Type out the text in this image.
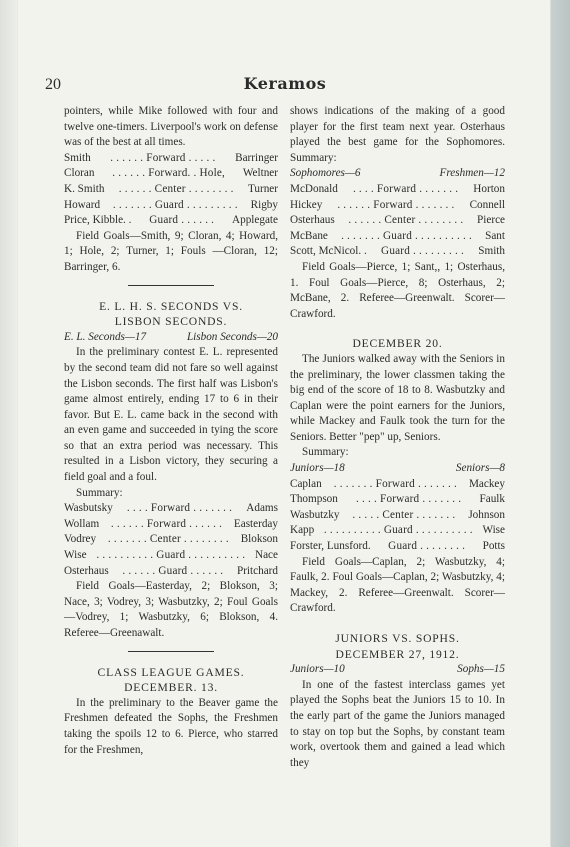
20	Keramos

pointers, while Mike followed with four and twelve one-timers. Liverpool's work on defense was of the best at all times.

Smith	. . . . . . Forward . . . . .	Barringer
Cloran	. . . . . . Forward. . Hole,	Weltner
K. Smith	. . . . . . Center . . . . . . . .	Turner
Howard	. . . . . . . Guard . . . . . . . . .	Rigby
Price, Kibble. .	Guard . . . . . .	Applegate

Field Goals—Smith, 9; Cloran, 4; Howard, 1; Hole, 2; Turner, 1; Fouls —Cloran, 12; Barringer, 6.

E. L. H. S. SECONDS VS.
LISBON SECONDS.
E. L. Seconds—17	Lisbon Seconds—20

In the preliminary contest E. L. represented by the second team did not fare so well against the Lisbon seconds. The first half was Lisbon's game almost entirely, ending 17 to 6 in their favor. But E. L. came back in the second with an even game and succeeded in tying the score so that an extra period was necessary. This resulted in a Lisbon victory, they securing a field goal and a foul.

Summary:

Wasbutsky	. . . . Forward . . . . . . .	Adams
Wollam	. . . . . . Forward . . . . . .	Easterday
Vodrey	. . . . . . . Center . . . . . . . .	Blokson
Wise . . . . . . . . . . Guard . . . . . . . . . . Nace
Osterhaus	. . . . . . Guard . . . . . .	Pritchard

Field Goals—Easterday, 2; Blokson, 3; Nace, 3; Vodrey, 3; Wasbutzky, 2; Foul Goals—Vodrey, 1; Wasbutzky, 6; Blokson, 4. Referee—Greenawalt.

CLASS LEAGUE GAMES.
DECEMBER. 13.

In the preliminary to the Beaver game the Freshmen defeated the Sophs, the Freshmen taking the spoils 12 to 6. Pierce, who starred for the Freshmen,

shows indications of the making of a good player for the first team next year. Osterhaus played the best game for the Sophomores. Summary:

Sophomores—6	Freshmen—12
McDonald	. . . . Forward . . . . . . .	Horton
Hickey	. . . . . . Forward . . . . . . .	Connell
Osterhaus	. . . . . . Center . . . . . . . .	Pierce
McBane	. . . . . . . Guard . . . . . . . . . .	Sant
Scott, McNicol. .	Guard . . . . . . . . .	Smith

Field Goals—Pierce, 1; Sant,, 1; Osterhaus, 1. Foul Goals—Pierce, 8; Osterhaus, 2; McBane, 2. Referee—Greenwalt. Scorer—Crawford.

DECEMBER 20.

The Juniors walked away with the Seniors in the preliminary, the lower classmen taking the big end of the score of 18 to 8. Wasbutzky and Caplan were the point earners for the Juniors, while Mackey and Faulk took the turn for the Seniors. Better "pep" up, Seniors.

Summary:

Juniors—18	Seniors—8
Caplan	. . . . . . . Forward . . . . . . .	Mackey
Thompson	. . . . Forward . . . . . . .	Faulk
Wasbutzky	. . . . . Center . . . . . . .	Johnson
Kapp . . . . . . . . . . Guard . . . . . . . . . . Wise
Forster, Lunsford.	Guard . . . . . . . .	Potts

Field Goals—Caplan, 2; Wasbutzky, 4; Faulk, 2. Foul Goals—Caplan, 2; Wasbutzky, 4; Mackey, 2. Referee—Greenwalt. Scorer—Crawford.

JUNIORS VS. SOPHS.
DECEMBER 27, 1912.
Juniors—10	Sophs—15

In one of the fastest interclass games yet played the Sophs beat the Juniors 15 to 10. In the early part of the game the Juniors managed to stay on top but the Sophs, by constant team work, overtook them and gained a lead which they
